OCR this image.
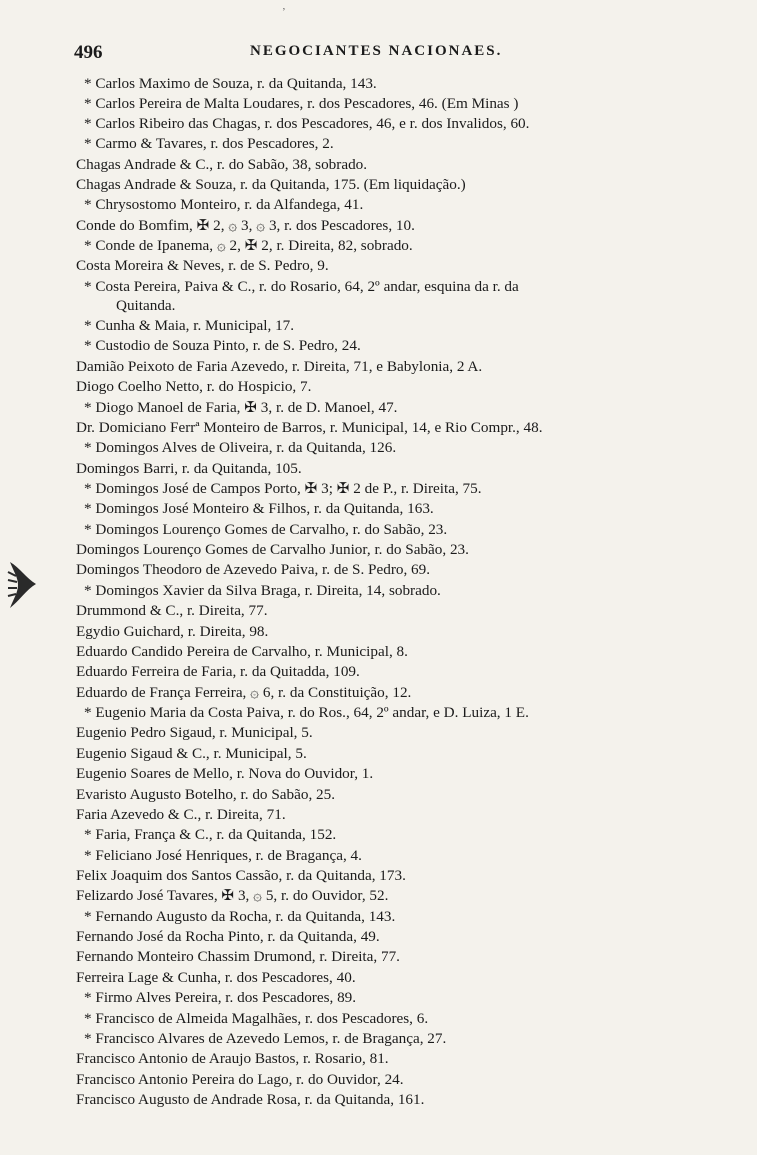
’
496	NEGOCIANTES NACIONAES.
* Carlos Maximo de Souza, r. da Quitanda, 143.
* Carlos Pereira de Malta Loudares, r. dos Pescadores, 46. (Em Minas )
* Carlos Ribeiro das Chagas, r. dos Pescadores, 46, e r. dos Invalidos, 60.
* Carmo & Tavares, r. dos Pescadores, 2.
Chagas Andrade & C., r. do Sabão, 38, sobrado.
Chagas Andrade & Souza, r. da Quitanda, 175. (Em liquidação.)
* Chrysostomo Monteiro, r. da Alfandega, 41.
Conde do Bomfim, ✠ 2, ۞ 3, ۞ 3, r. dos Pescadores, 10.
* Conde de Ipanema, ۞ 2, ✠ 2, r. Direita, 82, sobrado.
Costa Moreira & Neves, r. de S. Pedro, 9.
* Costa Pereira, Paiva & C., r. do Rosario, 64, 2º andar, esquina da r. da
Quitanda.
* Cunha & Maia, r. Municipal, 17.
* Custodio de Souza Pinto, r. de S. Pedro, 24.
Damião Peixoto de Faria Azevedo, r. Direita, 71, e Babylonia, 2 A.
Diogo Coelho Netto, r. do Hospicio, 7.
* Diogo Manoel de Faria, ✠ 3, r. de D. Manoel, 47.
Dr. Domiciano Ferrª Monteiro de Barros, r. Municipal, 14, e Rio Compr., 48.
* Domingos Alves de Oliveira, r. da Quitanda, 126.
Domingos Barri, r. da Quitanda, 105.
* Domingos José de Campos Porto, ✠ 3; ✠ 2 de P., r. Direita, 75.
* Domingos José Monteiro & Filhos, r. da Quitanda, 163.
* Domingos Lourenço Gomes de Carvalho, r. do Sabão, 23.
Domingos Lourenço Gomes de Carvalho Junior, r. do Sabão, 23.
Domingos Theodoro de Azevedo Paiva, r. de S. Pedro, 69.
* Domingos Xavier da Silva Braga, r. Direita, 14, sobrado.
Drummond & C., r. Direita, 77.
Egydio Guichard, r. Direita, 98.
Eduardo Candido Pereira de Carvalho, r. Municipal, 8.
Eduardo Ferreira de Faria, r. da Quitadda, 109.
Eduardo de França Ferreira, ۞ 6, r. da Constituição, 12.
* Eugenio Maria da Costa Paiva, r. do Ros., 64, 2º andar, e D. Luiza, 1 E.
Eugenio Pedro Sigaud, r. Municipal, 5.
Eugenio Sigaud & C., r. Municipal, 5.
Eugenio Soares de Mello, r. Nova do Ouvidor, 1.
Evaristo Augusto Botelho, r. do Sabão, 25.
Faria Azevedo & C., r. Direita, 71.
* Faria, França & C., r. da Quitanda, 152.
* Feliciano José Henriques, r. de Bragança, 4.
Felix Joaquim dos Santos Cassão, r. da Quitanda, 173.
Felizardo José Tavares, ✠ 3, ۞ 5, r. do Ouvidor, 52.
* Fernando Augusto da Rocha, r. da Quitanda, 143.
Fernando José da Rocha Pinto, r. da Quitanda, 49.
Fernando Monteiro Chassim Drumond, r. Direita, 77.
Ferreira Lage & Cunha, r. dos Pescadores, 40.
* Firmo Alves Pereira, r. dos Pescadores, 89.
* Francisco de Almeida Magalhães, r. dos Pescadores, 6.
* Francisco Alvares de Azevedo Lemos, r. de Bragança, 27.
Francisco Antonio de Araujo Bastos, r. Rosario, 81.
Francisco Antonio Pereira do Lago, r. do Ouvidor, 24.
Francisco Augusto de Andrade Rosa, r. da Quitanda, 161.
